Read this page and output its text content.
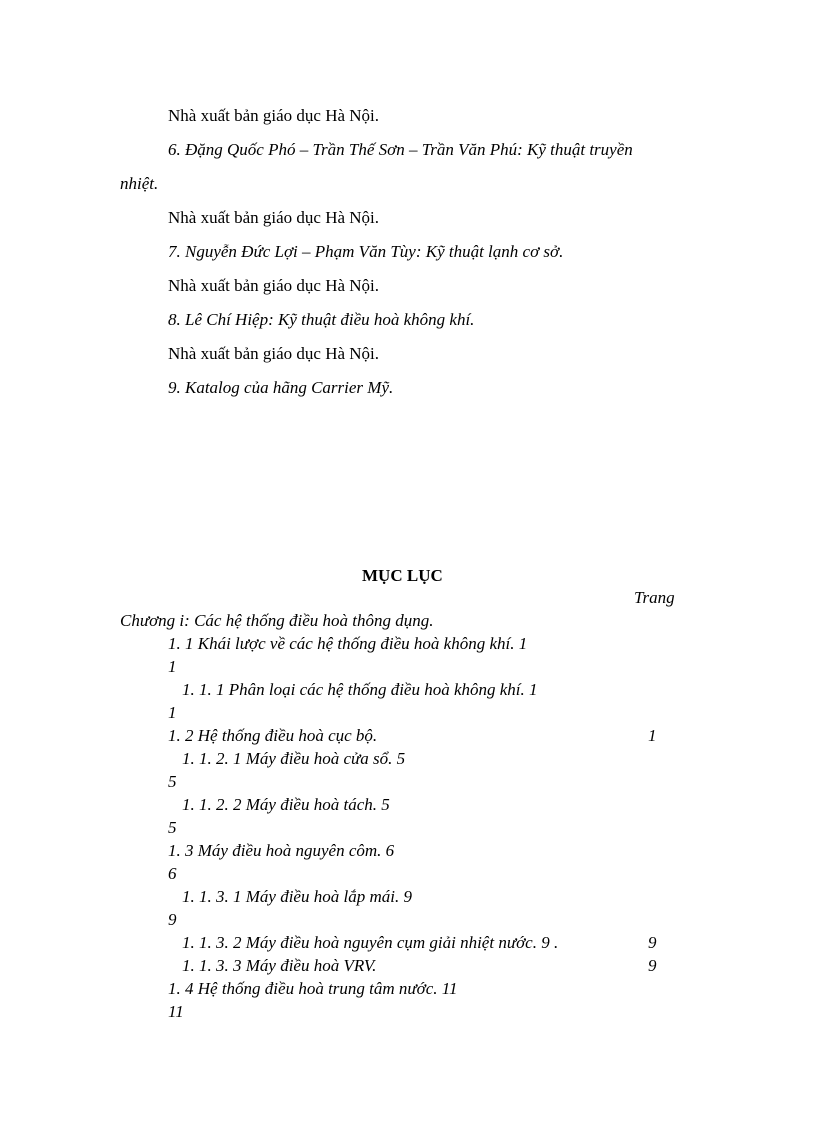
Nhà xuất bản giáo dục Hà Nội.
6. Đặng Quốc Phó – Trần Thế Sơn – Trần Văn Phú: Kỹ thuật truyền
nhiệt.
Nhà xuất bản giáo dục Hà Nội.
7. Nguyễn Đức Lợi – Phạm Văn Tùy: Kỹ thuật lạnh cơ sở.
Nhà xuất bản giáo dục Hà Nội.
8. Lê Chí Hiệp: Kỹ thuật điều hoà không khí.
Nhà xuất bản giáo dục Hà Nội.
9. Katalog của hãng Carrier Mỹ.
MỤC LỤC
Trang
Chương i: Các hệ thống điều hoà thông dụng.
1. 1 Khái lược về các hệ thống điều hoà không khí. 1
1
1. 1. 1 Phân loại các hệ thống điều hoà không khí. 1
1
1. 2 Hệ thống điều hoà cục bộ.	1
1. 1. 2. 1 Máy điều hoà cửa sổ. 5
5
1. 1. 2. 2 Máy điều hoà tách. 5
5
1. 3 Máy điều hoà nguyên côm. 6
6
1. 1. 3. 1 Máy điều hoà lắp mái. 9
9
1. 1. 3. 2 Máy điều hoà nguyên cụm giải nhiệt nước. 9 .	9
1. 1. 3. 3 Máy điều hoà VRV.	9
1. 4 Hệ thống điều hoà trung tâm nước. 11
11
